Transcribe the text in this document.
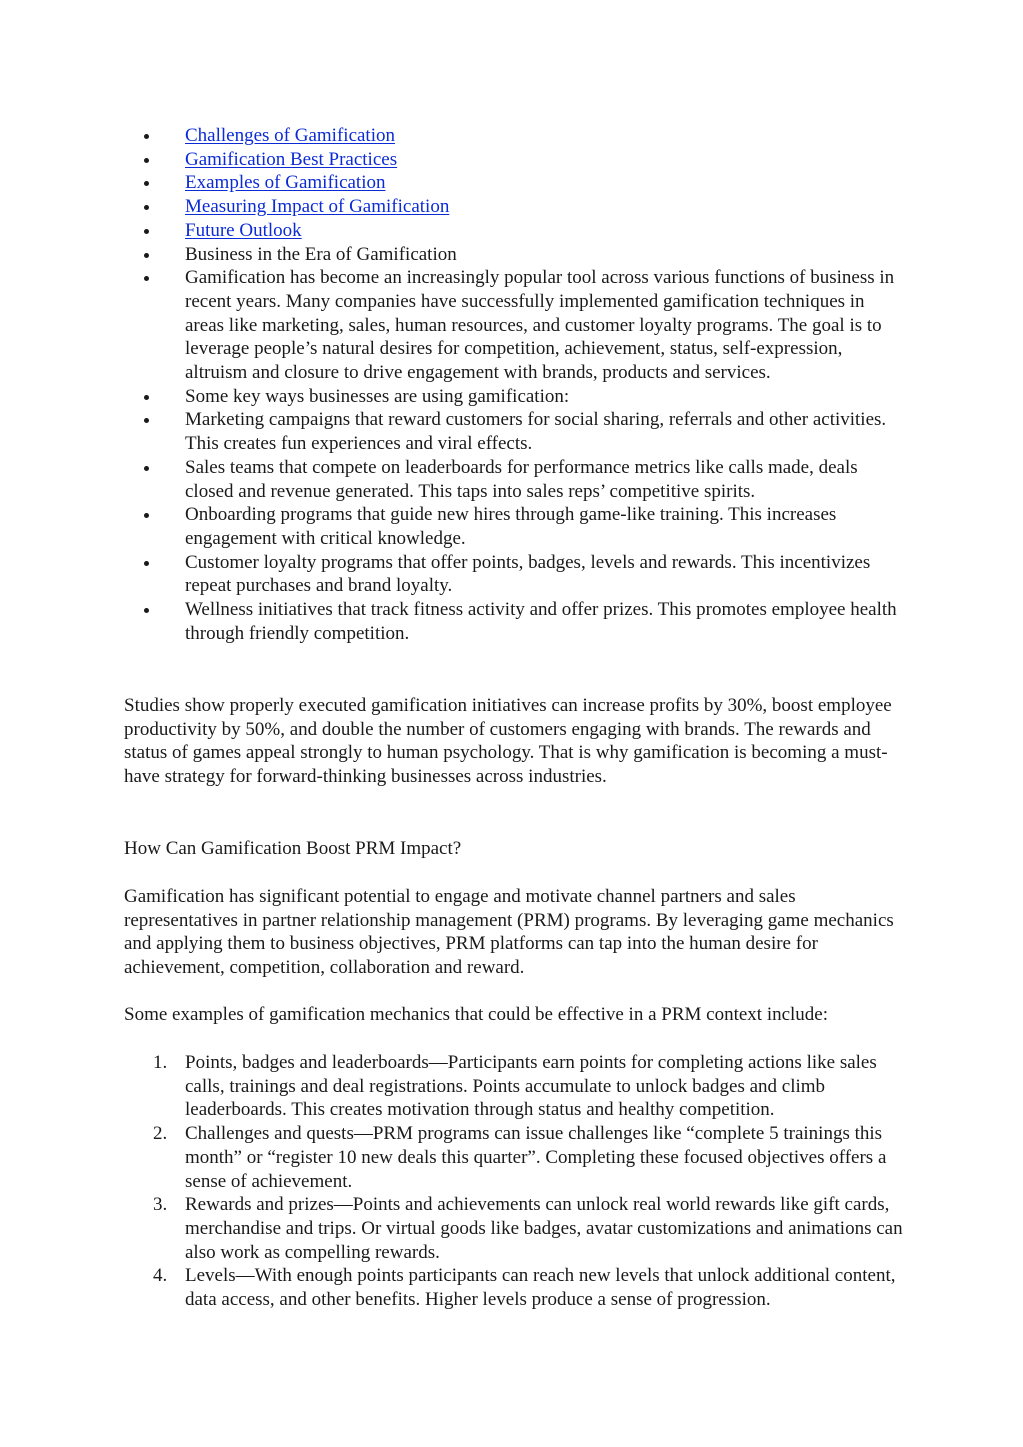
Challenges of Gamification
Gamification Best Practices
Examples of Gamification
Measuring Impact of Gamification
Future Outlook
Business in the Era of Gamification
Gamification has become an increasingly popular tool across various functions of business in recent years. Many companies have successfully implemented gamification techniques in areas like marketing, sales, human resources, and customer loyalty programs. The goal is to leverage people’s natural desires for competition, achievement, status, self-expression, altruism and closure to drive engagement with brands, products and services.
Some key ways businesses are using gamification:
Marketing campaigns that reward customers for social sharing, referrals and other activities. This creates fun experiences and viral effects.
Sales teams that compete on leaderboards for performance metrics like calls made, deals closed and revenue generated. This taps into sales reps’ competitive spirits.
Onboarding programs that guide new hires through game-like training. This increases engagement with critical knowledge.
Customer loyalty programs that offer points, badges, levels and rewards. This incentivizes repeat purchases and brand loyalty.
Wellness initiatives that track fitness activity and offer prizes. This promotes employee health through friendly competition.

Studies show properly executed gamification initiatives can increase profits by 30%, boost employee productivity by 50%, and double the number of customers engaging with brands. The rewards and status of games appeal strongly to human psychology. That is why gamification is becoming a must-have strategy for forward-thinking businesses across industries.

How Can Gamification Boost PRM Impact?

Gamification has significant potential to engage and motivate channel partners and sales representatives in partner relationship management (PRM) programs. By leveraging game mechanics and applying them to business objectives, PRM platforms can tap into the human desire for achievement, competition, collaboration and reward.

Some examples of gamification mechanics that could be effective in a PRM context include:

1. Points, badges and leaderboards—Participants earn points for completing actions like sales calls, trainings and deal registrations. Points accumulate to unlock badges and climb leaderboards. This creates motivation through status and healthy competition.
2. Challenges and quests—PRM programs can issue challenges like “complete 5 trainings this month” or “register 10 new deals this quarter”. Completing these focused objectives offers a sense of achievement.
3. Rewards and prizes—Points and achievements can unlock real world rewards like gift cards, merchandise and trips. Or virtual goods like badges, avatar customizations and animations can also work as compelling rewards.
4. Levels—With enough points participants can reach new levels that unlock additional content, data access, and other benefits. Higher levels produce a sense of progression.
